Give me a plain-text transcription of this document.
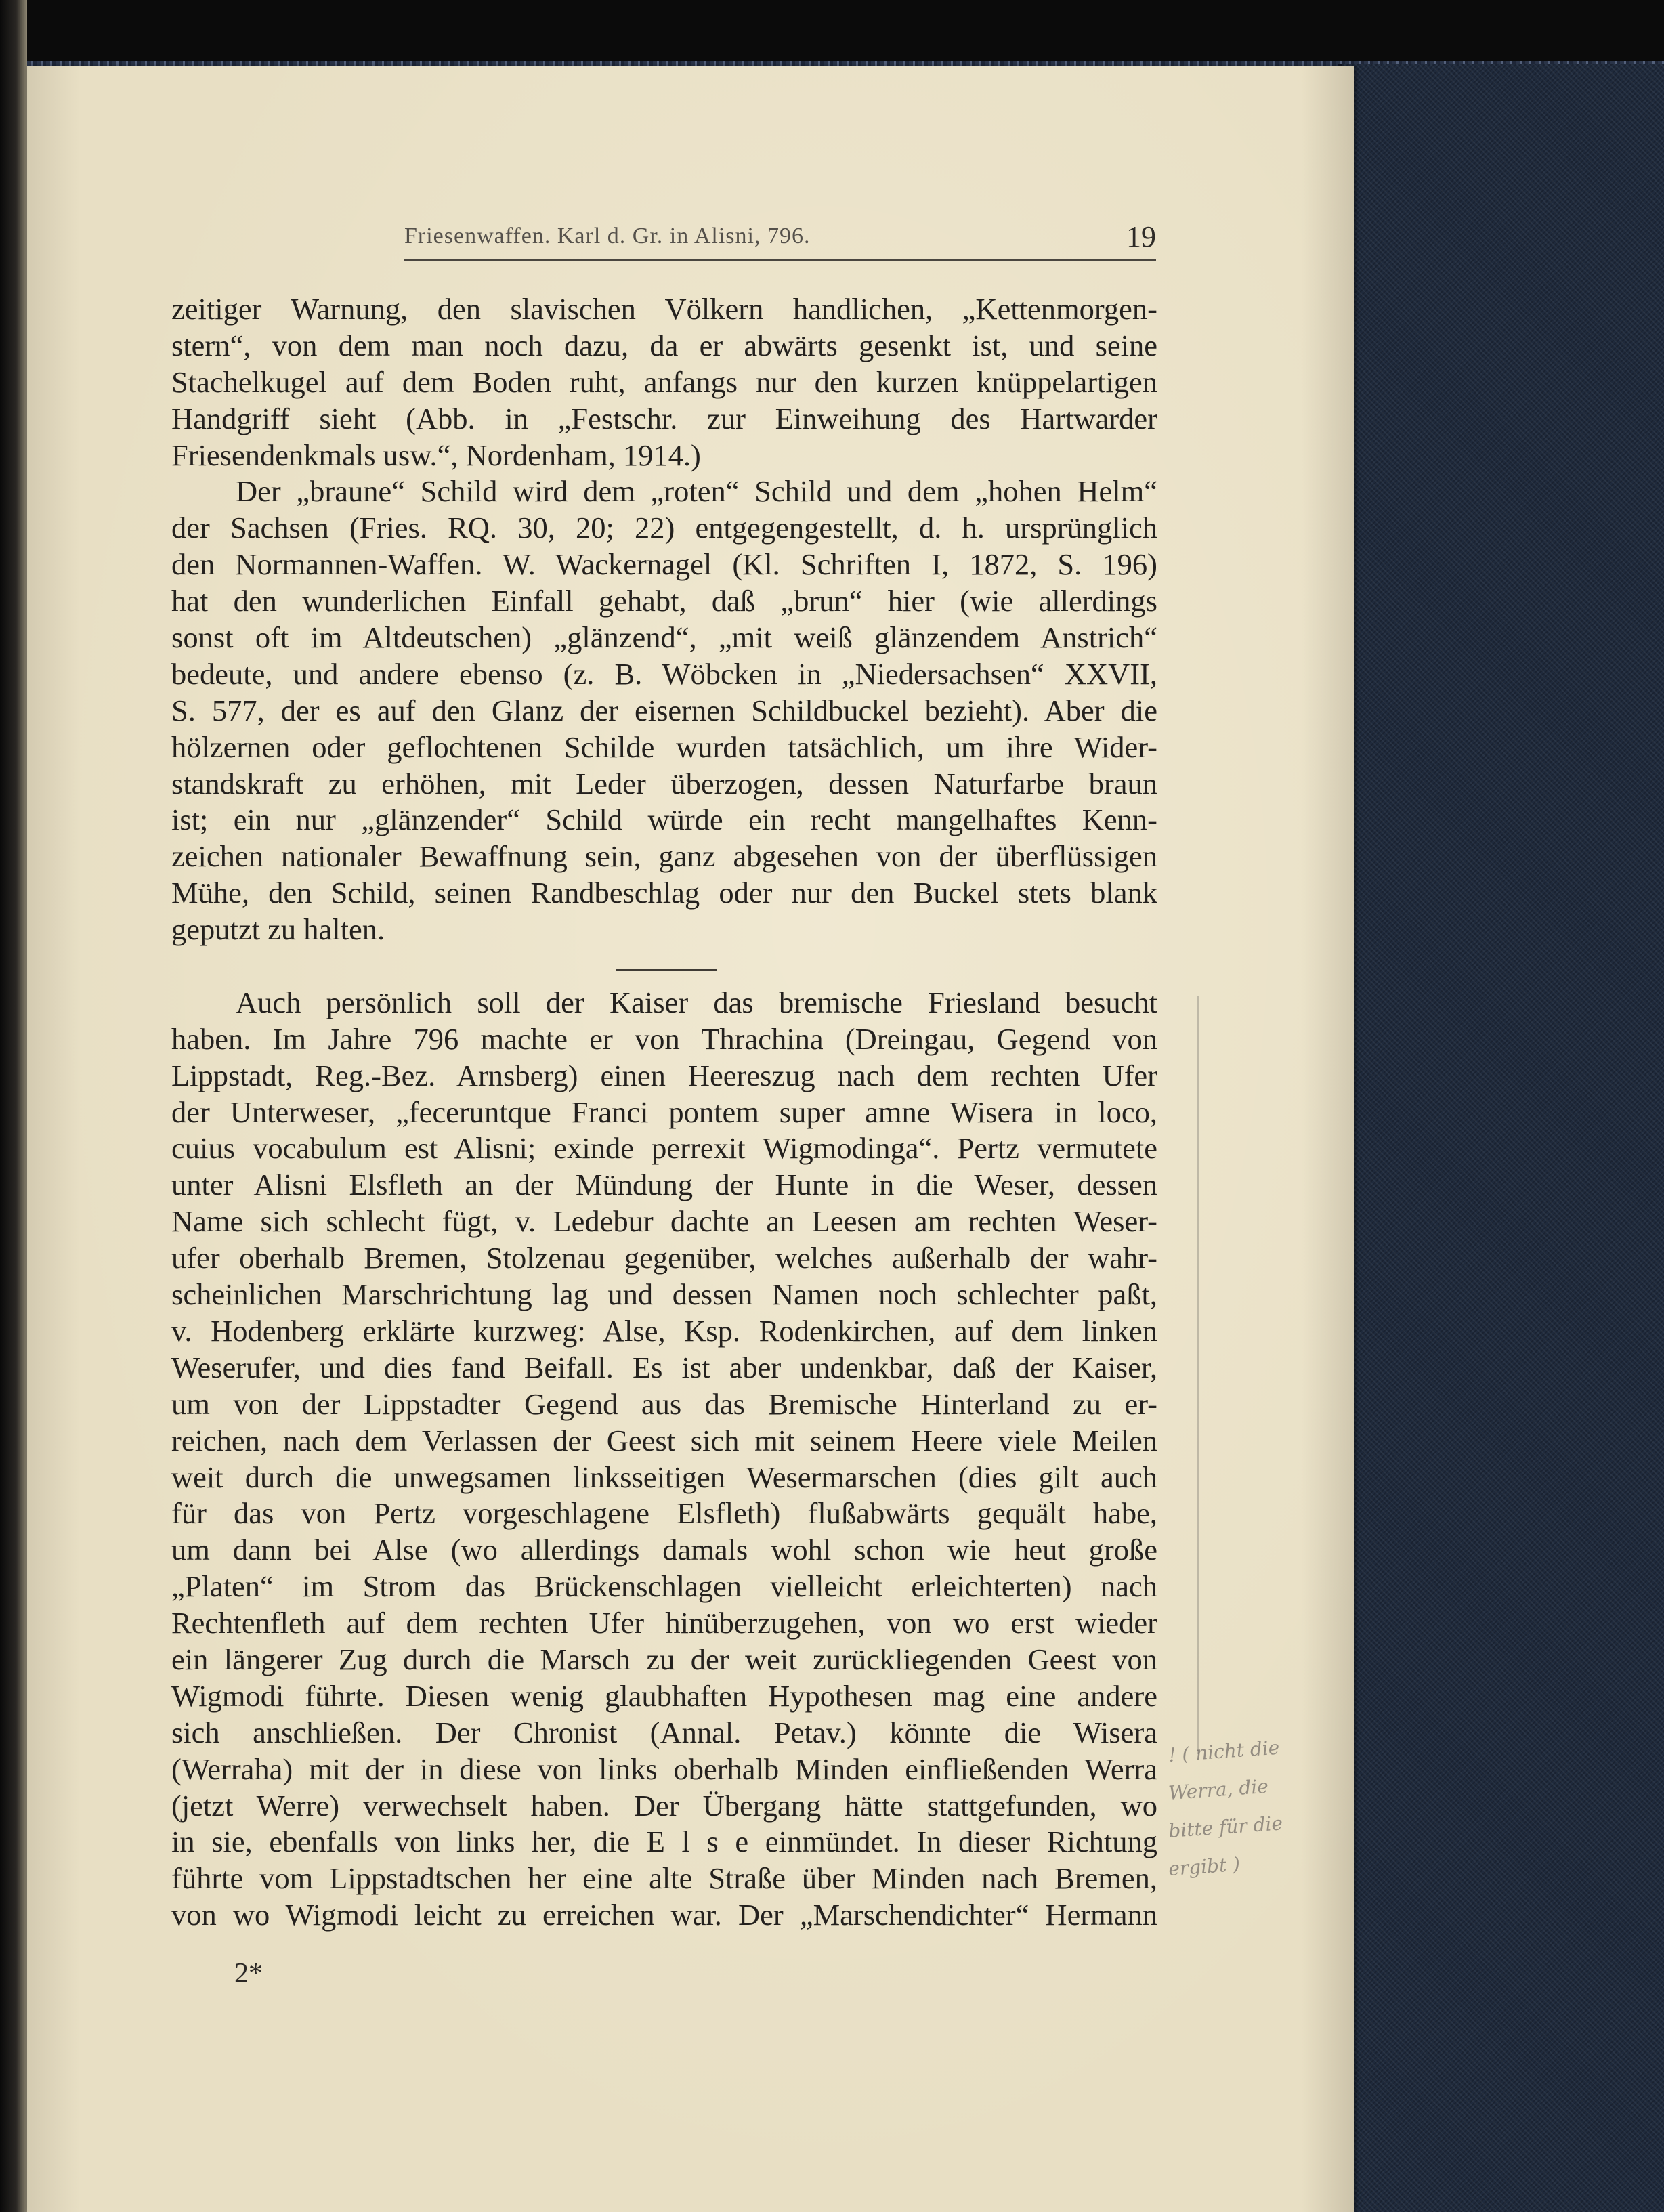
Friesenwaffen. Karl d. Gr. in Alisni, 796.	19
zeitiger Warnung, den slavischen Völkern handlichen, „Kettenmorgen-
stern“, von dem man noch dazu, da er abwärts gesenkt ist, und seine
Stachelkugel auf dem Boden ruht, anfangs nur den kurzen knüppelartigen
Handgriff sieht (Abb. in „Festschr. zur Einweihung des Hartwarder
Friesendenkmals usw.“, Nordenham, 1914.)
Der „braune“ Schild wird dem „roten“ Schild und dem „hohen Helm“
der Sachsen (Fries. RQ. 30, 20; 22) entgegengestellt, d. h. ursprünglich
den Normannen-Waffen. W. Wackernagel (Kl. Schriften I, 1872, S. 196)
hat den wunderlichen Einfall gehabt, daß „brun“ hier (wie allerdings
sonst oft im Altdeutschen) „glänzend“, „mit weiß glänzendem Anstrich“
bedeute, und andere ebenso (z. B. Wöbcken in „Niedersachsen“ XXVII,
S. 577, der es auf den Glanz der eisernen Schildbuckel bezieht). Aber die
hölzernen oder geflochtenen Schilde wurden tatsächlich, um ihre Wider-
standskraft zu erhöhen, mit Leder überzogen, dessen Naturfarbe braun
ist; ein nur „glänzender“ Schild würde ein recht mangelhaftes Kenn-
zeichen nationaler Bewaffnung sein, ganz abgesehen von der überflüssigen
Mühe, den Schild, seinen Randbeschlag oder nur den Buckel stets blank
geputzt zu halten.
Auch persönlich soll der Kaiser das bremische Friesland besucht
haben. Im Jahre 796 machte er von Thrachina (Dreingau, Gegend von
Lippstadt, Reg.-Bez. Arnsberg) einen Heereszug nach dem rechten Ufer
der Unterweser, „feceruntque Franci pontem super amne Wisera in loco,
cuius vocabulum est Alisni; exinde perrexit Wigmodinga“. Pertz vermutete
unter Alisni Elsfleth an der Mündung der Hunte in die Weser, dessen
Name sich schlecht fügt, v. Ledebur dachte an Leesen am rechten Weser-
ufer oberhalb Bremen, Stolzenau gegenüber, welches außerhalb der wahr-
scheinlichen Marschrichtung lag und dessen Namen noch schlechter paßt,
v. Hodenberg erklärte kurzweg: Alse, Ksp. Rodenkirchen, auf dem linken
Weserufer, und dies fand Beifall. Es ist aber undenkbar, daß der Kaiser,
um von der Lippstadter Gegend aus das Bremische Hinterland zu er-
reichen, nach dem Verlassen der Geest sich mit seinem Heere viele Meilen
weit durch die unwegsamen linksseitigen Wesermarschen (dies gilt auch
für das von Pertz vorgeschlagene Elsfleth) flußabwärts gequält habe,
um dann bei Alse (wo allerdings damals wohl schon wie heut große
„Platen“ im Strom das Brückenschlagen vielleicht erleichterten) nach
Rechtenfleth auf dem rechten Ufer hinüberzugehen, von wo erst wieder
ein längerer Zug durch die Marsch zu der weit zurückliegenden Geest von
Wigmodi führte. Diesen wenig glaubhaften Hypothesen mag eine andere
sich anschließen. Der Chronist (Annal. Petav.) könnte die Wisera
(Werraha) mit der in diese von links oberhalb Minden einfließenden Werra
(jetzt Werre) verwechselt haben. Der Übergang hätte stattgefunden, wo
in sie, ebenfalls von links her, die E l s e einmündet. In dieser Richtung
führte vom Lippstadtschen her eine alte Straße über Minden nach Bremen,
von wo Wigmodi leicht zu erreichen war. Der „Marschendichter“ Hermann
2*
! ( nicht die
Werra, die
bitte für die
ergibt )
